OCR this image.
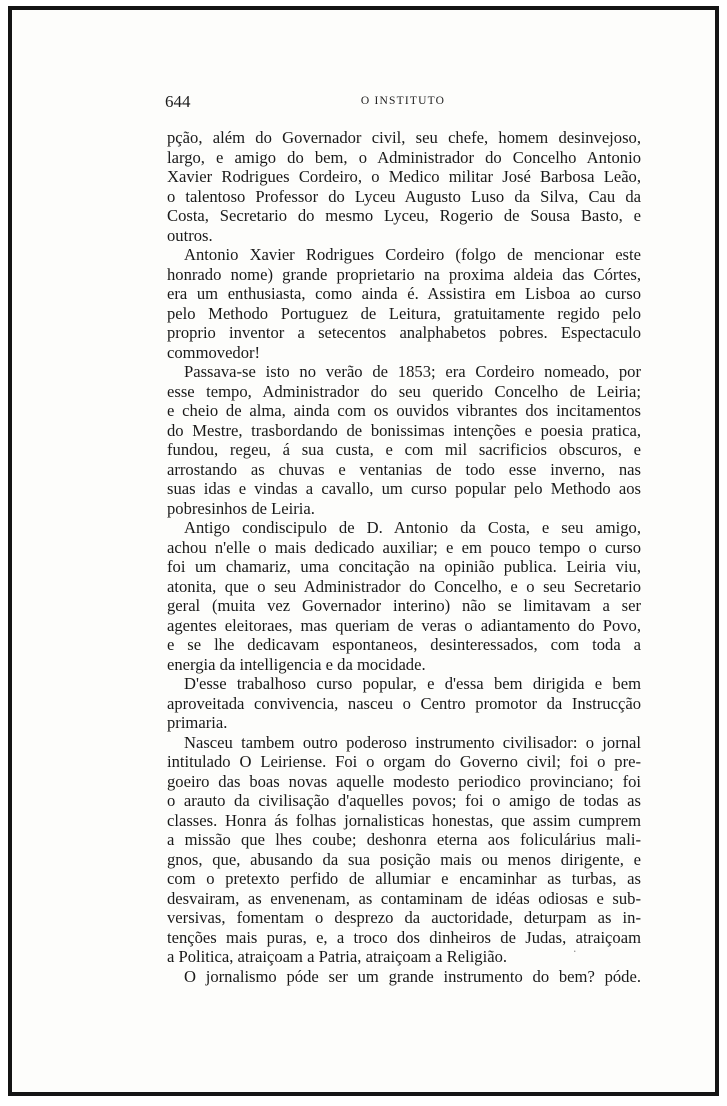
644	O INSTITUTO
pção, além do Governador civil, seu chefe, homem desinvejoso,
largo, e amigo do bem, o Administrador do Concelho Antonio
Xavier Rodrigues Cordeiro, o Medico militar José Barbosa Leão,
o talentoso Professor do Lyceu Augusto Luso da Silva, Cau da
Costa, Secretario do mesmo Lyceu, Rogerio de Sousa Basto, e
outros.
Antonio Xavier Rodrigues Cordeiro (folgo de mencionar este
honrado nome) grande proprietario na proxima aldeia das Córtes,
era um enthusiasta, como ainda é. Assistira em Lisboa ao curso
pelo Methodo Portuguez de Leitura, gratuitamente regido pelo
proprio inventor a setecentos analphabetos pobres. Espectaculo
commovedor!
Passava-se isto no verão de 1853; era Cordeiro nomeado, por
esse tempo, Administrador do seu querido Concelho de Leiria;
e cheio de alma, ainda com os ouvidos vibrantes dos incitamentos
do Mestre, trasbordando de bonissimas intenções e poesia pratica,
fundou, regeu, á sua custa, e com mil sacrificios obscuros, e
arrostando as chuvas e ventanias de todo esse inverno, nas
suas idas e vindas a cavallo, um curso popular pelo Methodo aos
pobresinhos de Leiria.
Antigo condiscipulo de D. Antonio da Costa, e seu amigo,
achou n'elle o mais dedicado auxiliar; e em pouco tempo o curso
foi um chamariz, uma concitação na opinião publica. Leiria viu,
atonita, que o seu Administrador do Concelho, e o seu Secretario
geral (muita vez Governador interino) não se limitavam a ser
agentes eleitoraes, mas queriam de veras o adiantamento do Povo,
e se lhe dedicavam espontaneos, desinteressados, com toda a
energia da intelligencia e da mocidade.
D'esse trabalhoso curso popular, e d'essa bem dirigida e bem
aproveitada convivencia, nasceu o Centro promotor da Instrucção
primaria.
Nasceu tambem outro poderoso instrumento civilisador: o jornal
intitulado O Leiriense. Foi o orgam do Governo civil; foi o pre-
goeiro das boas novas aquelle modesto periodico provinciano; foi
o arauto da civilisação d'aquelles povos; foi o amigo de todas as
classes. Honra ás folhas jornalisticas honestas, que assim cumprem
a missão que lhes coube; deshonra eterna aos foliculárius mali-
gnos, que, abusando da sua posição mais ou menos dirigente, e
com o pretexto perfido de allumiar e encaminhar as turbas, as
desvairam, as envenenam, as contaminam de idéas odiosas e sub-
versivas, fomentam o desprezo da auctoridade, deturpam as in-
tenções mais puras, e, a troco dos dinheiros de Judas, atraiçoam
a Politica, atraiçoam a Patria, atraiçoam a Religião.
O jornalismo póde ser um grande instrumento do bem? póde.
·
